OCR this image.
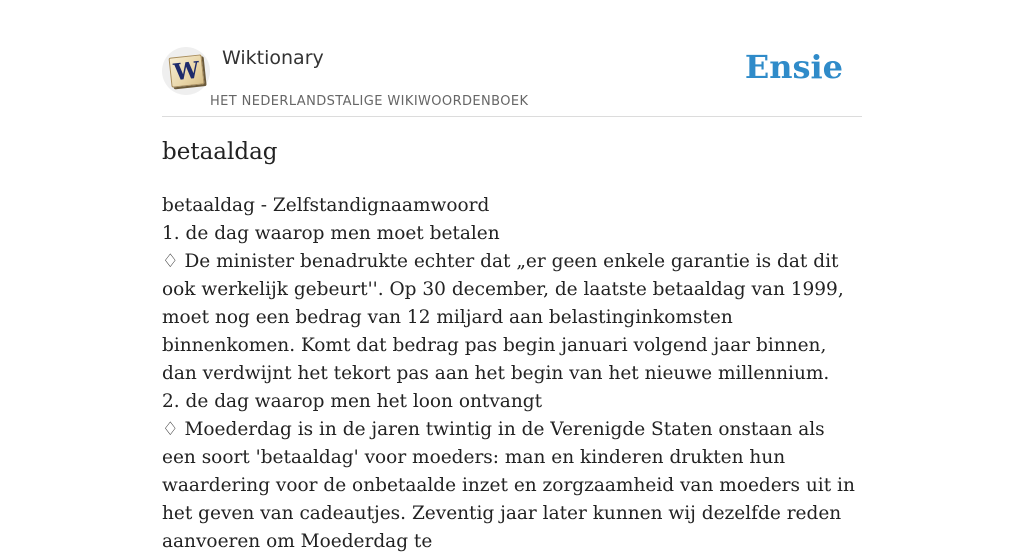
W Wiktionary
HET NEDERLANDSTALIGE WIKIWOORDENBOEK
Ensie
betaaldag

betaaldag - Zelfstandignaamwoord

1. de dag waarop men moet betalen

♢ De minister benadrukte echter dat „er geen enkele garantie is dat dit ook werkelijk gebeurt''. Op 30 december, de laatste betaaldag van 1999, moet nog een bedrag van 12 miljard aan belastinginkomsten binnenkomen. Komt dat bedrag pas begin januari volgend jaar binnen, dan verdwijnt het tekort pas aan het begin van het nieuwe millennium.

2. de dag waarop men het loon ontvangt

♢ Moederdag is in de jaren twintig in de Verenigde Staten onstaan als een soort 'betaaldag' voor moeders: man en kinderen drukten hun waardering voor de onbetaalde inzet en zorgzaamheid van moeders uit in het geven van cadeautjes. Zeventig jaar later kunnen wij dezelfde reden aanvoeren om Moederdag te
